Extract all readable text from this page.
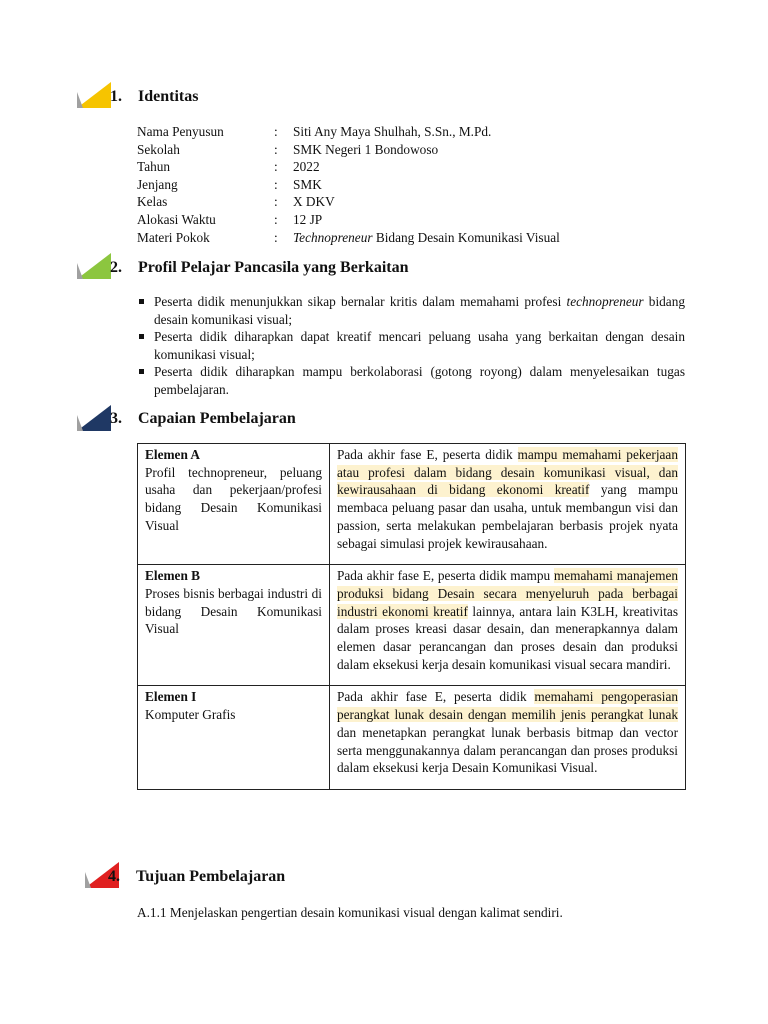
1. Identitas
2. Profil Pelajar Pancasila yang Berkaitan
3. Capaian Pembelajaran
4. Tujuan Pembelajaran
Nama Penyusun	: Siti Any Maya Shulhah, S.Sn., M.Pd.
Sekolah	: SMK Negeri 1 Bondowoso
Tahun	: 2022
Jenjang	: SMK
Kelas	: X DKV
Alokasi Waktu	: 12 JP
Materi Pokok	: Technopreneur Bidang Desain Komunikasi Visual
Peserta didik menunjukkan sikap bernalar kritis dalam memahami profesi technopreneur bidang desain komunikasi visual;
Peserta didik diharapkan dapat kreatif mencari peluang usaha yang berkaitan dengan desain komunikasi visual;
Peserta didik diharapkan mampu berkolaborasi (gotong royong) dalam menyelesaikan tugas pembelajaran.
Elemen A
Profil technopreneur, peluang usaha dan pekerjaan/profesi bidang Desain Komunikasi Visual	Pada akhir fase E, peserta didik mampu memahami pekerjaan atau profesi dalam bidang desain komunikasi visual, dan kewirausahaan di bidang ekonomi kreatif yang mampu membaca peluang pasar dan usaha, untuk membangun visi dan passion, serta melakukan pembelajaran berbasis projek nyata sebagai simulasi projek kewirausahaan.

Elemen B
Proses bisnis berbagai industri di bidang Desain Komunikasi Visual	Pada akhir fase E, peserta didik mampu memahami manajemen produksi bidang Desain secara menyeluruh pada berbagai industri ekonomi kreatif lainnya, antara lain K3LH, kreativitas dalam proses kreasi dasar desain, dan menerapkannya dalam elemen dasar perancangan dan proses desain dan produksi dalam eksekusi kerja desain komunikasi visual secara mandiri.

Elemen I
Komputer Grafis	Pada akhir fase E, peserta didik memahami pengoperasian perangkat lunak desain dengan memilih jenis perangkat lunak dan menetapkan perangkat lunak berbasis bitmap dan vector serta menggunakannya dalam perancangan dan proses produksi dalam eksekusi kerja Desain Komunikasi Visual.
A.1.1 Menjelaskan pengertian desain komunikasi visual dengan kalimat sendiri.
